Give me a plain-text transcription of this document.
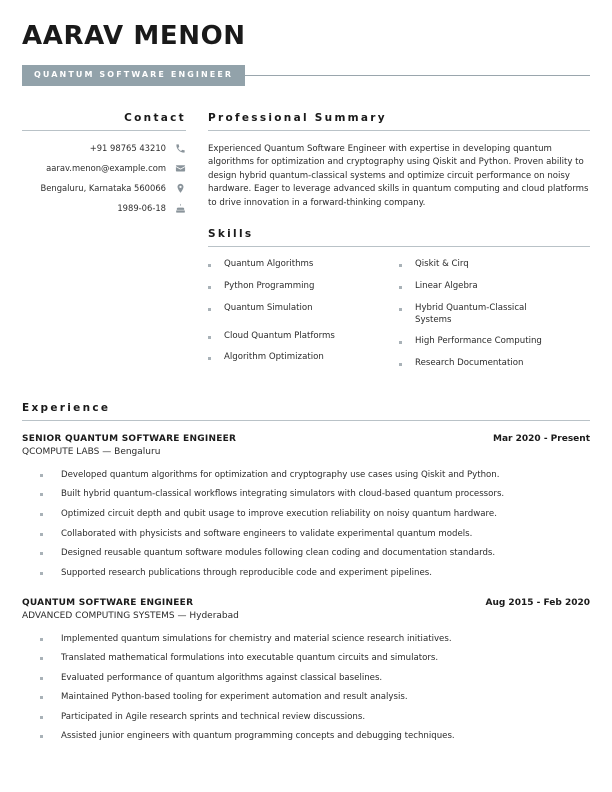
AARAV MENON
QUANTUM SOFTWARE ENGINEER
Contact
+91 98765 43210
aarav.menon@example.com
Bengaluru, Karnataka 560066
1989-06-18
Professional Summary
Experienced Quantum Software Engineer with expertise in developing quantum algorithms for optimization and cryptography using Qiskit and Python. Proven ability to design hybrid quantum-classical systems and optimize circuit performance on noisy hardware. Eager to leverage advanced skills in quantum computing and cloud platforms to drive innovation in a forward-thinking company.
Skills
Quantum Algorithms
Python Programming
Quantum Simulation
Cloud Quantum Platforms
Algorithm Optimization
Qiskit & Cirq
Linear Algebra
Hybrid Quantum-Classical Systems
High Performance Computing
Research Documentation
Experience
SENIOR QUANTUM SOFTWARE ENGINEER	Mar 2020 - Present
QCOMPUTE LABS — Bengaluru
Developed quantum algorithms for optimization and cryptography use cases using Qiskit and Python.
Built hybrid quantum-classical workflows integrating simulators with cloud-based quantum processors.
Optimized circuit depth and qubit usage to improve execution reliability on noisy quantum hardware.
Collaborated with physicists and software engineers to validate experimental quantum models.
Designed reusable quantum software modules following clean coding and documentation standards.
Supported research publications through reproducible code and experiment pipelines.
QUANTUM SOFTWARE ENGINEER	Aug 2015 - Feb 2020
ADVANCED COMPUTING SYSTEMS — Hyderabad
Implemented quantum simulations for chemistry and material science research initiatives.
Translated mathematical formulations into executable quantum circuits and simulators.
Evaluated performance of quantum algorithms against classical baselines.
Maintained Python-based tooling for experiment automation and result analysis.
Participated in Agile research sprints and technical review discussions.
Assisted junior engineers with quantum programming concepts and debugging techniques.
